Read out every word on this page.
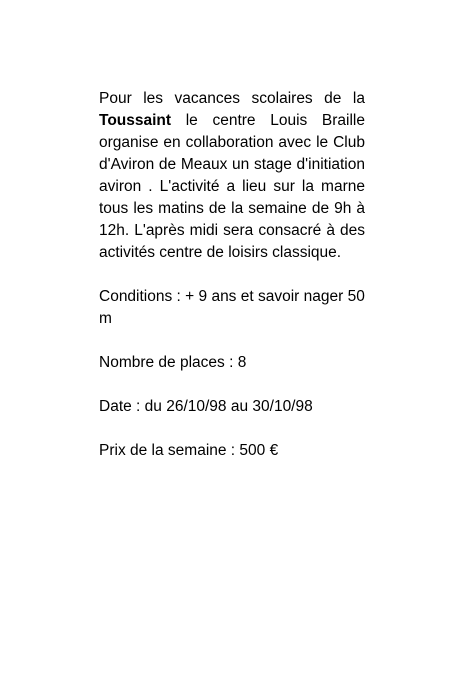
Pour les vacances scolaires de la Toussaint le centre Louis Braille organise en collaboration avec le Club d'Aviron de Meaux un stage d'initiation aviron . L'activité a lieu sur la marne tous les matins de la semaine de 9h à 12h. L'après midi sera consacré à des activités centre de loisirs classique.

Conditions : + 9 ans et savoir nager 50 m

Nombre de places : 8

Date : du 26/10/98 au 30/10/98

Prix de la semaine : 500 €
